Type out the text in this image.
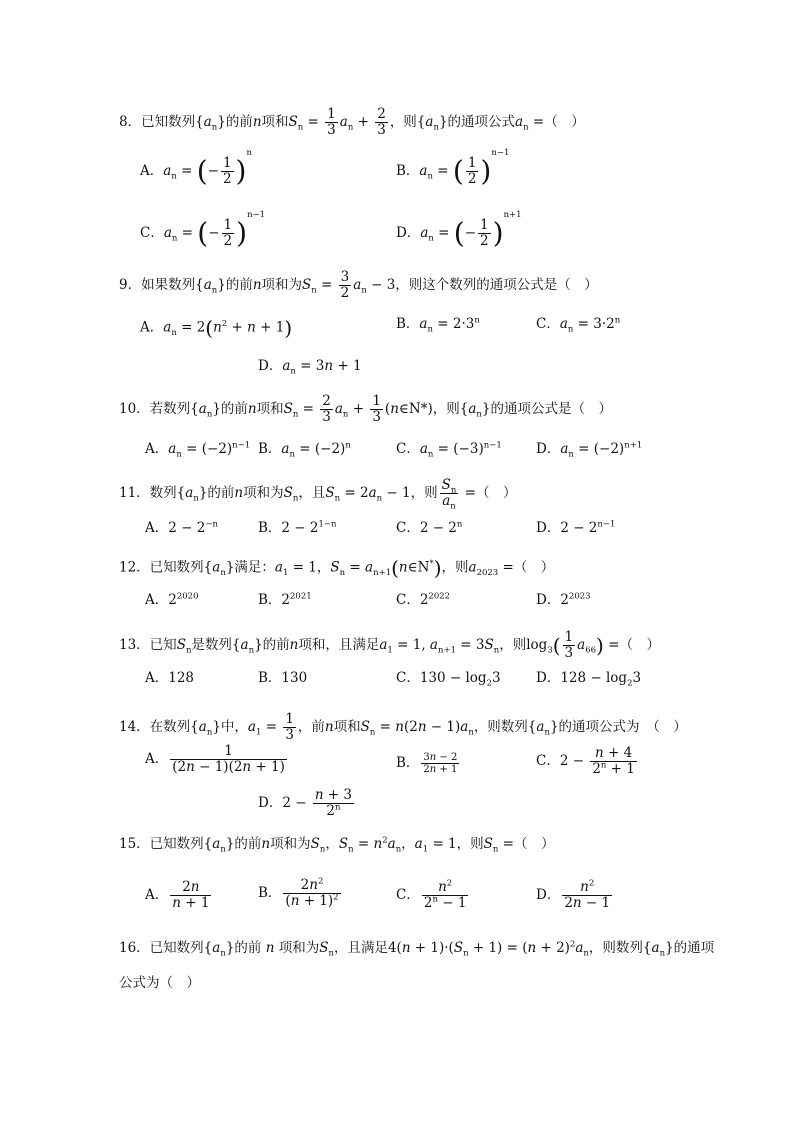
8．已知数列$\{a_n\}$的前n项和$S_n = \frac{1}{3} a_n + \frac{2}{3}$ ，则$\{a_n\}$的通项公式$a_n$ =（　）
A．$a_n$ = (− $\frac{1}{2} )^n$
B．$a_n$ = ( $\frac{1}{2} )^{n-1}$
C．$a_n$ = (− $\frac{1}{2} )^{n-1}$
D．$a_n$ = (− $\frac{1}{2} )^{n+1}$
9．如果数列$\{a_n\}$的前n项和为$S_n = \frac{3}{2} a_n - 3$，则这个数列的通项公式是（　）
A．$a_n = 2(n^2 + n + 1)$	B．$a_n = 2\cdot 3^n$	C．$a_n = 3\cdot 2^n$
D．$a_n = 3n + 1$
10．若数列$\{a_n\}$的前n项和$S_n = \frac{2}{3} a_n + \frac{1}{3}$ (n∈N*)，则$\{a_n\}$的通项公式是（　）
A．$a_n = (-2)^{n-1}$ B．$a_n = (-2)^n$	C．$a_n = (-3)^{n-1}$	D．$a_n = (-2)^{n+1}$
11．数列$\{a_n\}$的前n项和为$S_n$，且$S_n = 2a_n - 1$，则 $\frac{S_n}{a_n}$ =（　）
A．$2 - 2^{-n}$	B．$2 - 2^{1-n}$	C．$2 - 2^n$	D．$2 - 2^{n-1}$
12．已知数列$\{a_n\}$满足：$a_1 = 1$，$S_n$ = $a_{n+1}(n\in N^*)$，则$a_{2023}$ =（　）
A．$2^{2020}$	B．$2^{2021}$	C．$2^{2022}$	D．$2^{2023}$
13．已知$S_n$是数列$\{a_n\}$的前n项和，且满足$a_1 = 1$, $a_{n+1} = 3S_n$，则$\log_3( \frac{1}{3} a_{66})$ =（　）
A．128	B．130	C．$130 - \log_23$	D．$128 - \log_23$
14．在数列$\{a_n\}$中，$a_1 = \frac{1}{3}$ ，前n项和$S_n = n(2n - 1)a_n$，则数列$\{a_n\}$的通项公式为　（　）
A． $\frac{1}{(2n - 1)(2n + 1)}$	B． $\frac{3n - 2}{2n + 1}$	C．$2 - \frac{n + 4}{2^n + 1}$
D．$2 - \frac{n + 3}{2^n}$
15．已知数列$\{a_n\}$的前n项和为$S_n$，$S_n = n^2a_n$，$a_1 = 1$，则$S_n$ =（　）
A． $\frac{2n}{n + 1}$	B． $\frac{2n^2}{(n + 1)^2}$	C． $\frac{n^2}{2^n - 1}$	D． $\frac{n^2}{2n - 1}$
16．已知数列$\{a_n\}$的前 n 项和为$S_n$，且满足$4(n + 1)\cdot(S_n + 1) = (n + 2)^2a_n$，则数列$\{a_n\}$的通项
公式为（　）
